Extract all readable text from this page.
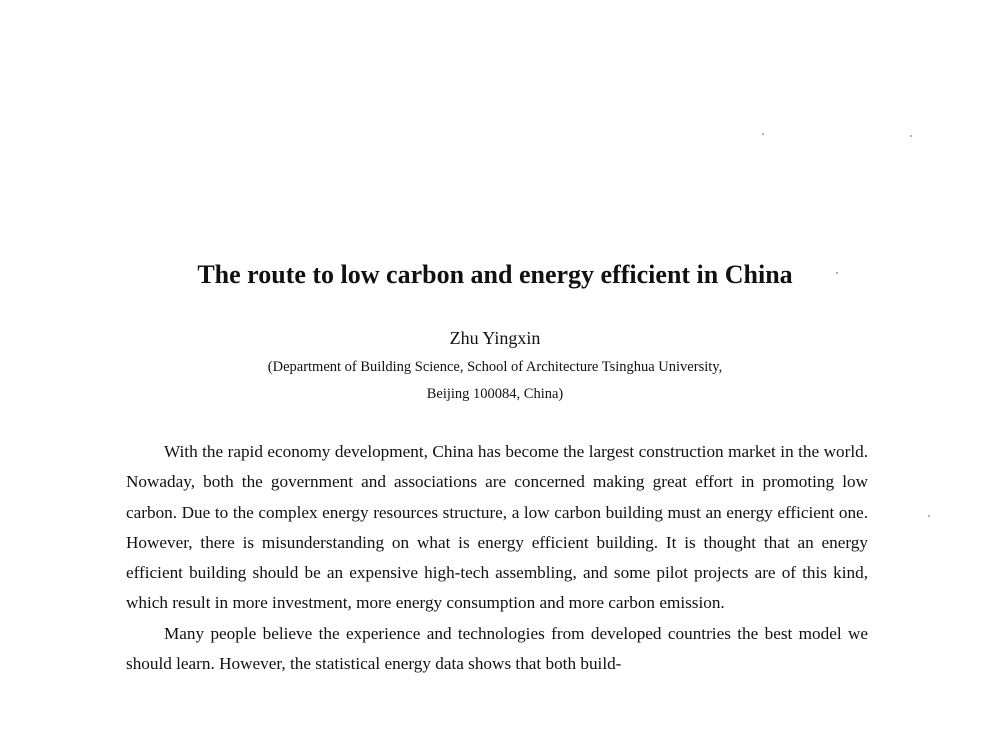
The route to low carbon and energy efficient in China

Zhu Yingxin

(Department of Building Science, School of Architecture Tsinghua University,

Beijing 100084, China)

With the rapid economy development, China has become the largest construction market in the world. Nowaday, both the government and associations are concerned making great effort in promoting low carbon. Due to the complex energy resources structure, a low carbon building must an energy efficient one. However, there is misunderstanding on what is energy efficient building. It is thought that an energy efficient building should be an expensive high-tech assembling, and some pilot projects are of this kind, which result in more investment, more energy consumption and more carbon emission.

Many people believe the experience and technologies from developed countries the best model we should learn. However, the statistical energy data shows that both build-
